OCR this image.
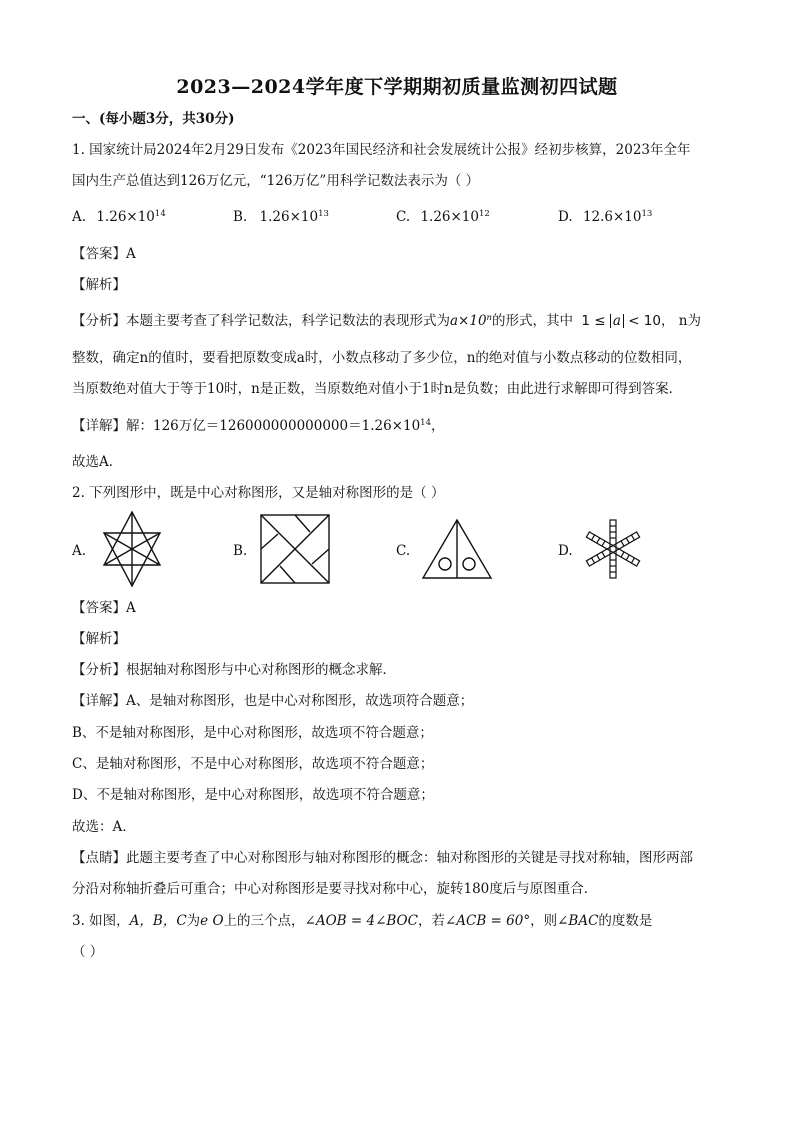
2023—2024学年度下学期期初质量监测初四试题
一、(每小题3分，共30分)
1. 国家统计局2024年2月29日发布《2023年国民经济和社会发展统计公报》经初步核算，2023年全年
国内生产总值达到126万亿元，“126万亿”用科学记数法表示为（ ）
A. $1.26\times 10^{14}$	B. $1.26\times 10^{13}$	C. $1.26\times 10^{12}$	D. $12.6\times 10^{13}$
【答案】A
【解析】
【分析】本题主要考查了科学记数法，科学记数法的表现形式为$a\times 10^n$的形式，其中 1 ≤ a < 10， n为
整数，确定n的值时，要看把原数变成a时，小数点移动了多少位，n的绝对值与小数点移动的位数相同，
当原数绝对值大于等于10时，n是正数，当原数绝对值小于1时n是负数；由此进行求解即可得到答案．
【详解】解：126万亿$=126000000000000=1.26\times 10^{14}$，
故选A．
2. 下列图形中，既是中心对称图形，又是轴对称图形的是（ ）
A.	B.	C.	D.
【答案】A
【解析】
【分析】根据轴对称图形与中心对称图形的概念求解．
【详解】A、是轴对称图形，也是中心对称图形，故选项符合题意；
B、不是轴对称图形，是中心对称图形，故选项不符合题意；
C、是轴对称图形，不是中心对称图形，故选项不符合题意；
D、不是轴对称图形，是中心对称图形，故选项不符合题意；
故选：A．
【点睛】此题主要考查了中心对称图形与轴对称图形的概念：轴对称图形的关键是寻找对称轴，图形两部
分沿对称轴折叠后可重合；中心对称图形是要寻找对称中心，旋转180度后与原图重合．
3. 如图，A，B，C为e O上的三个点，∠AOB = 4∠BOC，若∠ACB = 60°，则∠BAC的度数是
（ ）
